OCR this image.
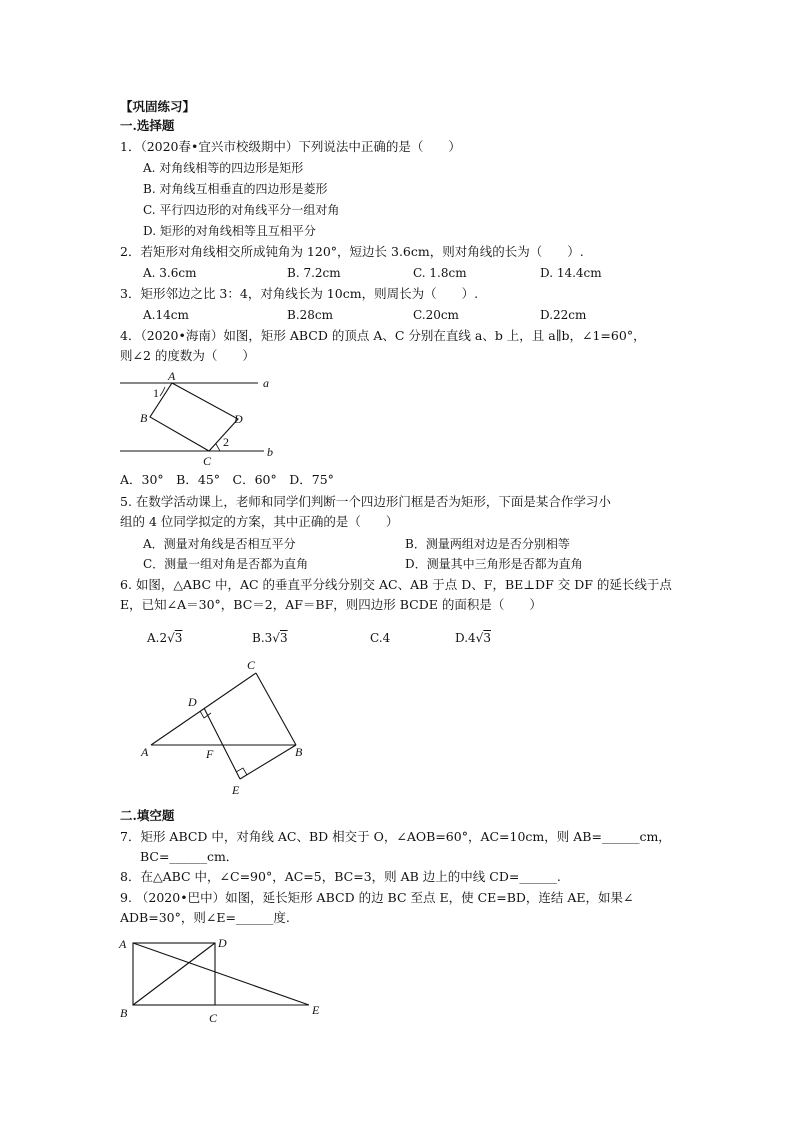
【巩固练习】
一.选择题
1．（2020春•宜兴市校级期中）下列说法中正确的是（　　）
A. 对角线相等的四边形是矩形
B. 对角线互相垂直的四边形是菱形
C. 平行四边形的对角线平分一组对角
D. 矩形的对角线相等且互相平分
2．若矩形对角线相交所成钝角为 120°，短边长 3.6cm，则对角线的长为（　　）.
A. 3.6cm	B. 7.2cm	C. 1.8cm	D. 14.4cm
3．矩形邻边之比 3：4，对角线长为 10cm，则周长为（　　）.
A.14cm	B.28cm	C.20cm	D.22cm
4．（2020•海南）如图，矩形 ABCD 的顶点 A、C 分别在直线 a、b 上，且 a∥b，∠1=60°，
则∠2 的度数为（　　）
A
B
C
D
a
b
1
2
A．30°　B．45°　C．60°　D．75°
5. 在数学活动课上，老师和同学们判断一个四边形门框是否为矩形，下面是某合作学习小
组的 4 位同学拟定的方案，其中正确的是（　　）
A．测量对角线是否相互平分	B．测量两组对边是否分别相等
C．测量一组对角是否都为直角	D．测量其中三角形是否都为直角
6. 如图，△ABC 中，AC 的垂直平分线分别交 AC、AB 于点 D、F，BE⊥DF 交 DF 的延长线于点
E，已知∠A＝30°，BC＝2，AF＝BF，则四边形 BCDE 的面积是（　　）
A.2√3	B.3√3	C.4	D.4√3
A	B
C
D
E
F
二.填空题
7．矩形 ABCD 中，对角线 AC、BD 相交于 O，∠AOB=60°，AC=10cm，则 AB=______cm，
BC=______cm．
8．在△ABC 中，∠C=90°，AC=5，BC=3，则 AB 边上的中线 CD=______.
9. （2020•巴中）如图，延长矩形 ABCD 的边 BC 至点 E，使 CE=BD，连结 AE，如果∠
ADB=30°，则∠E=______度.
A
B	C
D
E
